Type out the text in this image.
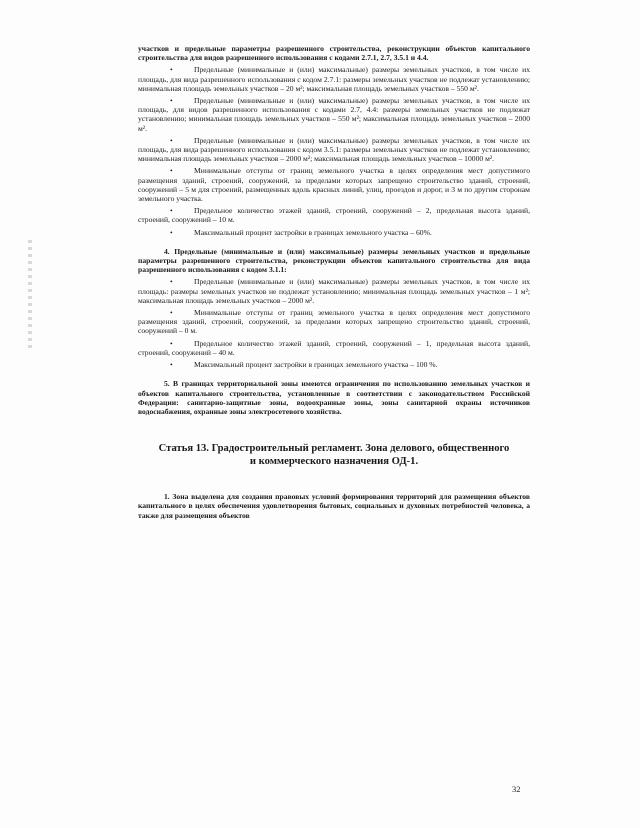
участков и предельные параметры разрешенного строительства, реконструкции объектов капитального строительства для видов разрешенного использования с кодами 2.7.1, 2.7, 3.5.1 и 4.4.

•	Предельные (минимальные и (или) максимальные) размеры земельных участков, в том числе их площадь, для вида разрешенного использования с кодом 2.7.1: размеры земельных участков не подлежат установлению; минимальная площадь земельных участков – 20 м²; максимальная площадь земельных участков – 550 м².

•	Предельные (минимальные и (или) максимальные) размеры земельных участков, в том числе их площадь, для видов разрешенного использования с кодами 2.7, 4.4: размеры земельных участков не подлежат установлению; минимальная площадь земельных участков – 550 м²; максимальная площадь земельных участков – 2000 м².

•	Предельные (минимальные и (или) максимальные) размеры земельных участков, в том числе их площадь, для вида разрешенного использования с кодом 3.5.1: размеры земельных участков не подлежат установлению; минимальная площадь земельных участков – 2000 м²; максимальная площадь земельных участков – 10000 м².

•	Минимальные отступы от границ земельного участка в целях определения мест допустимого размещения зданий, строений, сооружений, за пределами которых запрещено строительство зданий, строений, сооружений – 5 м для строений, размещенных вдоль красных линий, улиц, проездов и дорог, и 3 м по другим сторонам земельного участка.

•	Предельное количество этажей зданий, строений, сооружений – 2, предельная высота зданий, строений, сооружений – 10 м.

•	Максимальный процент застройки в границах земельного участка – 60%.

4. Предельные (минимальные и (или) максимальные) размеры земельных участков и предельные параметры разрешенного строительства, реконструкции объектов капитального строительства для вида разрешенного использования с кодом 3.1.1:

•	Предельные (минимальные и (или) максимальные) размеры земельных участков, в том числе их площадь: размеры земельных участков не подлежат установлению; минимальная площадь земельных участков – 1 м²; максимальная площадь земельных участков – 2000 м².

•	Минимальные отступы от границ земельного участка в целях определения мест допустимого размещения зданий, строений, сооружений, за пределами которых запрещено строительство зданий, строений, сооружений – 0 м.

•	Предельное количество этажей зданий, строений, сооружений – 1, предельная высота зданий, строений, сооружений – 40 м.

•	Максимальный процент застройки в границах земельного участка – 100 %.

5. В границах территориальной зоны имеются ограничения по использованию земельных участков и объектов капитального строительства, установленные в соответствии с законодательством Российской Федерации: санитарно-защитные зоны, водоохранные зоны, зоны санитарной охраны источников водоснабжения, охранные зоны электросетевого хозяйства.

Статья 13. Градостроительный регламент. Зона делового, общественного

и коммерческого назначения ОД-1.

1. Зона выделена для создания правовых условий формирования территорий для размещения объектов капитального в целях обеспечения удовлетворения бытовых, социальных и духовных потребностей человека, а также для размещения объектов

32
